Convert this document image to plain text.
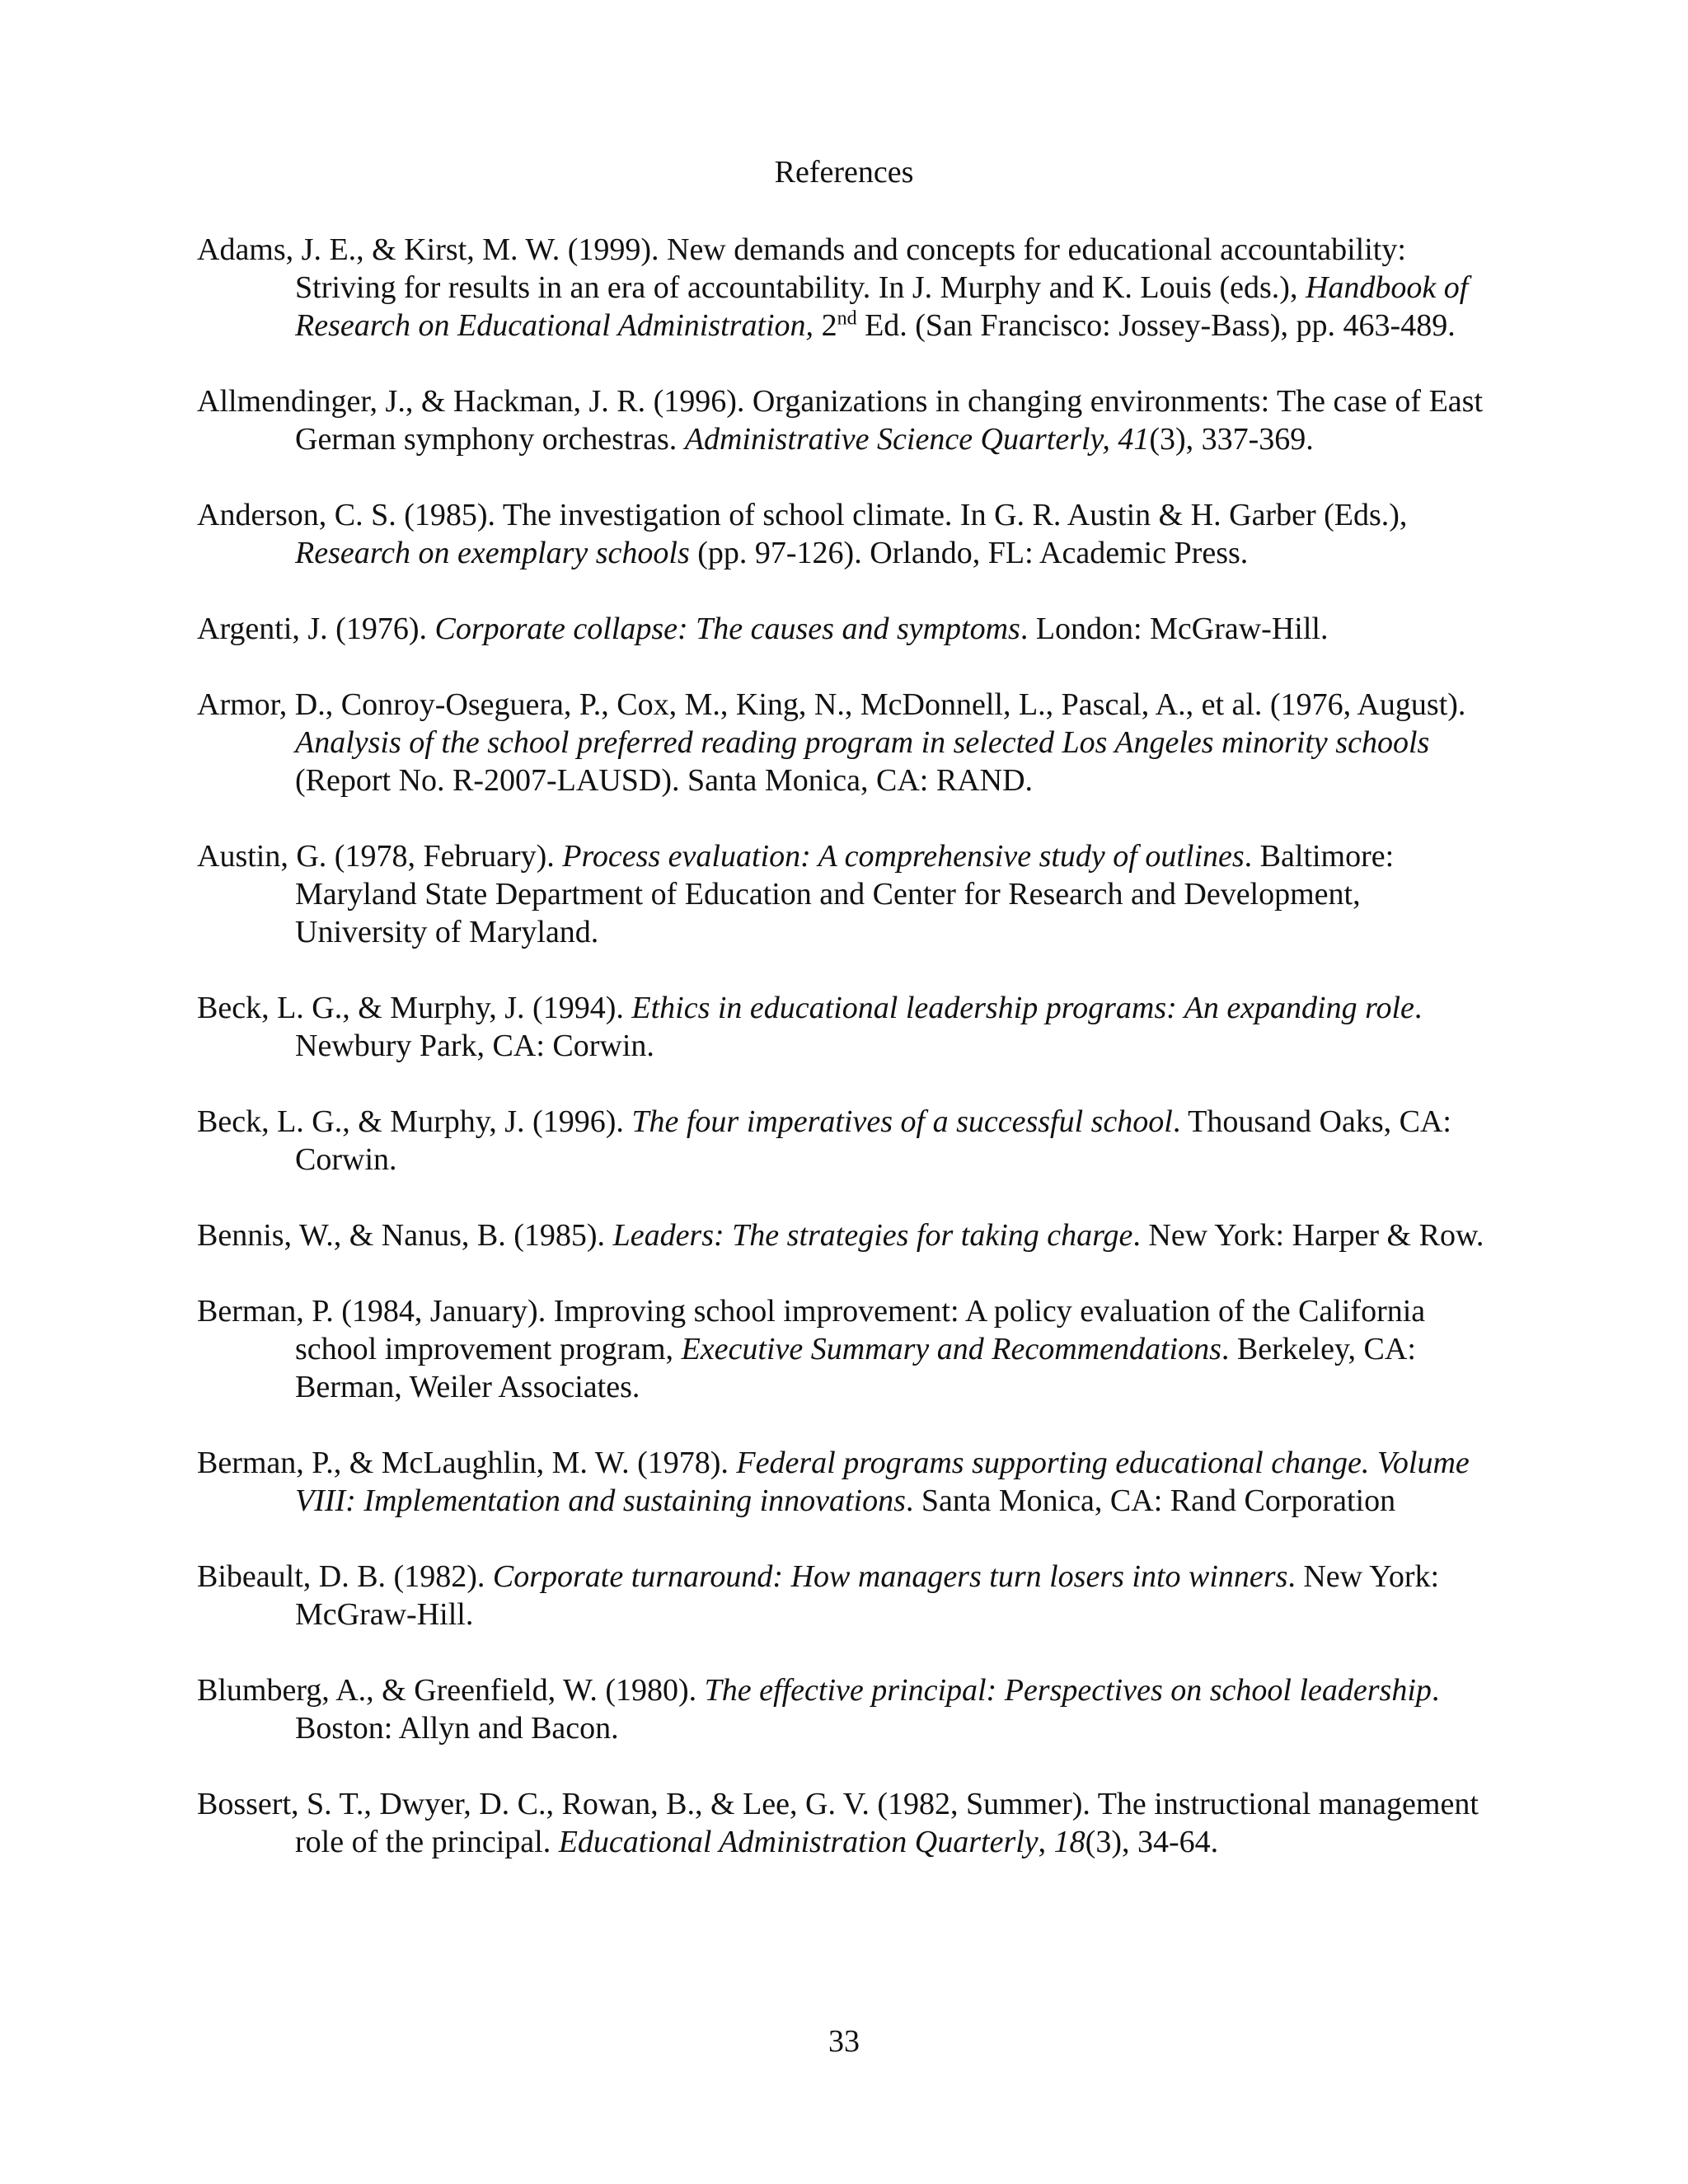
References

Adams, J. E., & Kirst, M. W. (1999). New demands and concepts for educational accountability: Striving for results in an era of accountability. In J. Murphy and K. Louis (eds.), Handbook of Research on Educational Administration, 2nd Ed. (San Francisco: Jossey-Bass), pp. 463-489.

Allmendinger, J., & Hackman, J. R. (1996). Organizations in changing environments: The case of East German symphony orchestras. Administrative Science Quarterly, 41(3), 337-369.

Anderson, C. S. (1985). The investigation of school climate. In G. R. Austin & H. Garber (Eds.), Research on exemplary schools (pp. 97-126). Orlando, FL: Academic Press.

Argenti, J. (1976). Corporate collapse: The causes and symptoms. London: McGraw-Hill.

Armor, D., Conroy-Oseguera, P., Cox, M., King, N., McDonnell, L., Pascal, A., et al. (1976, August). Analysis of the school preferred reading program in selected Los Angeles minority schools (Report No. R-2007-LAUSD). Santa Monica, CA: RAND.

Austin, G. (1978, February). Process evaluation: A comprehensive study of outlines. Baltimore: Maryland State Department of Education and Center for Research and Development, University of Maryland.

Beck, L. G., & Murphy, J. (1994). Ethics in educational leadership programs: An expanding role. Newbury Park, CA: Corwin.

Beck, L. G., & Murphy, J. (1996). The four imperatives of a successful school. Thousand Oaks, CA: Corwin.

Bennis, W., & Nanus, B. (1985). Leaders: The strategies for taking charge. New York: Harper & Row.

Berman, P. (1984, January). Improving school improvement: A policy evaluation of the California school improvement program, Executive Summary and Recommendations. Berkeley, CA: Berman, Weiler Associates.

Berman, P., & McLaughlin, M. W. (1978). Federal programs supporting educational change. Volume VIII: Implementation and sustaining innovations. Santa Monica, CA: Rand Corporation

Bibeault, D. B. (1982). Corporate turnaround: How managers turn losers into winners. New York: McGraw-Hill.

Blumberg, A., & Greenfield, W. (1980). The effective principal: Perspectives on school leadership. Boston: Allyn and Bacon.

Bossert, S. T., Dwyer, D. C., Rowan, B., & Lee, G. V. (1982, Summer). The instructional management role of the principal. Educational Administration Quarterly, 18(3), 34-64.

33
